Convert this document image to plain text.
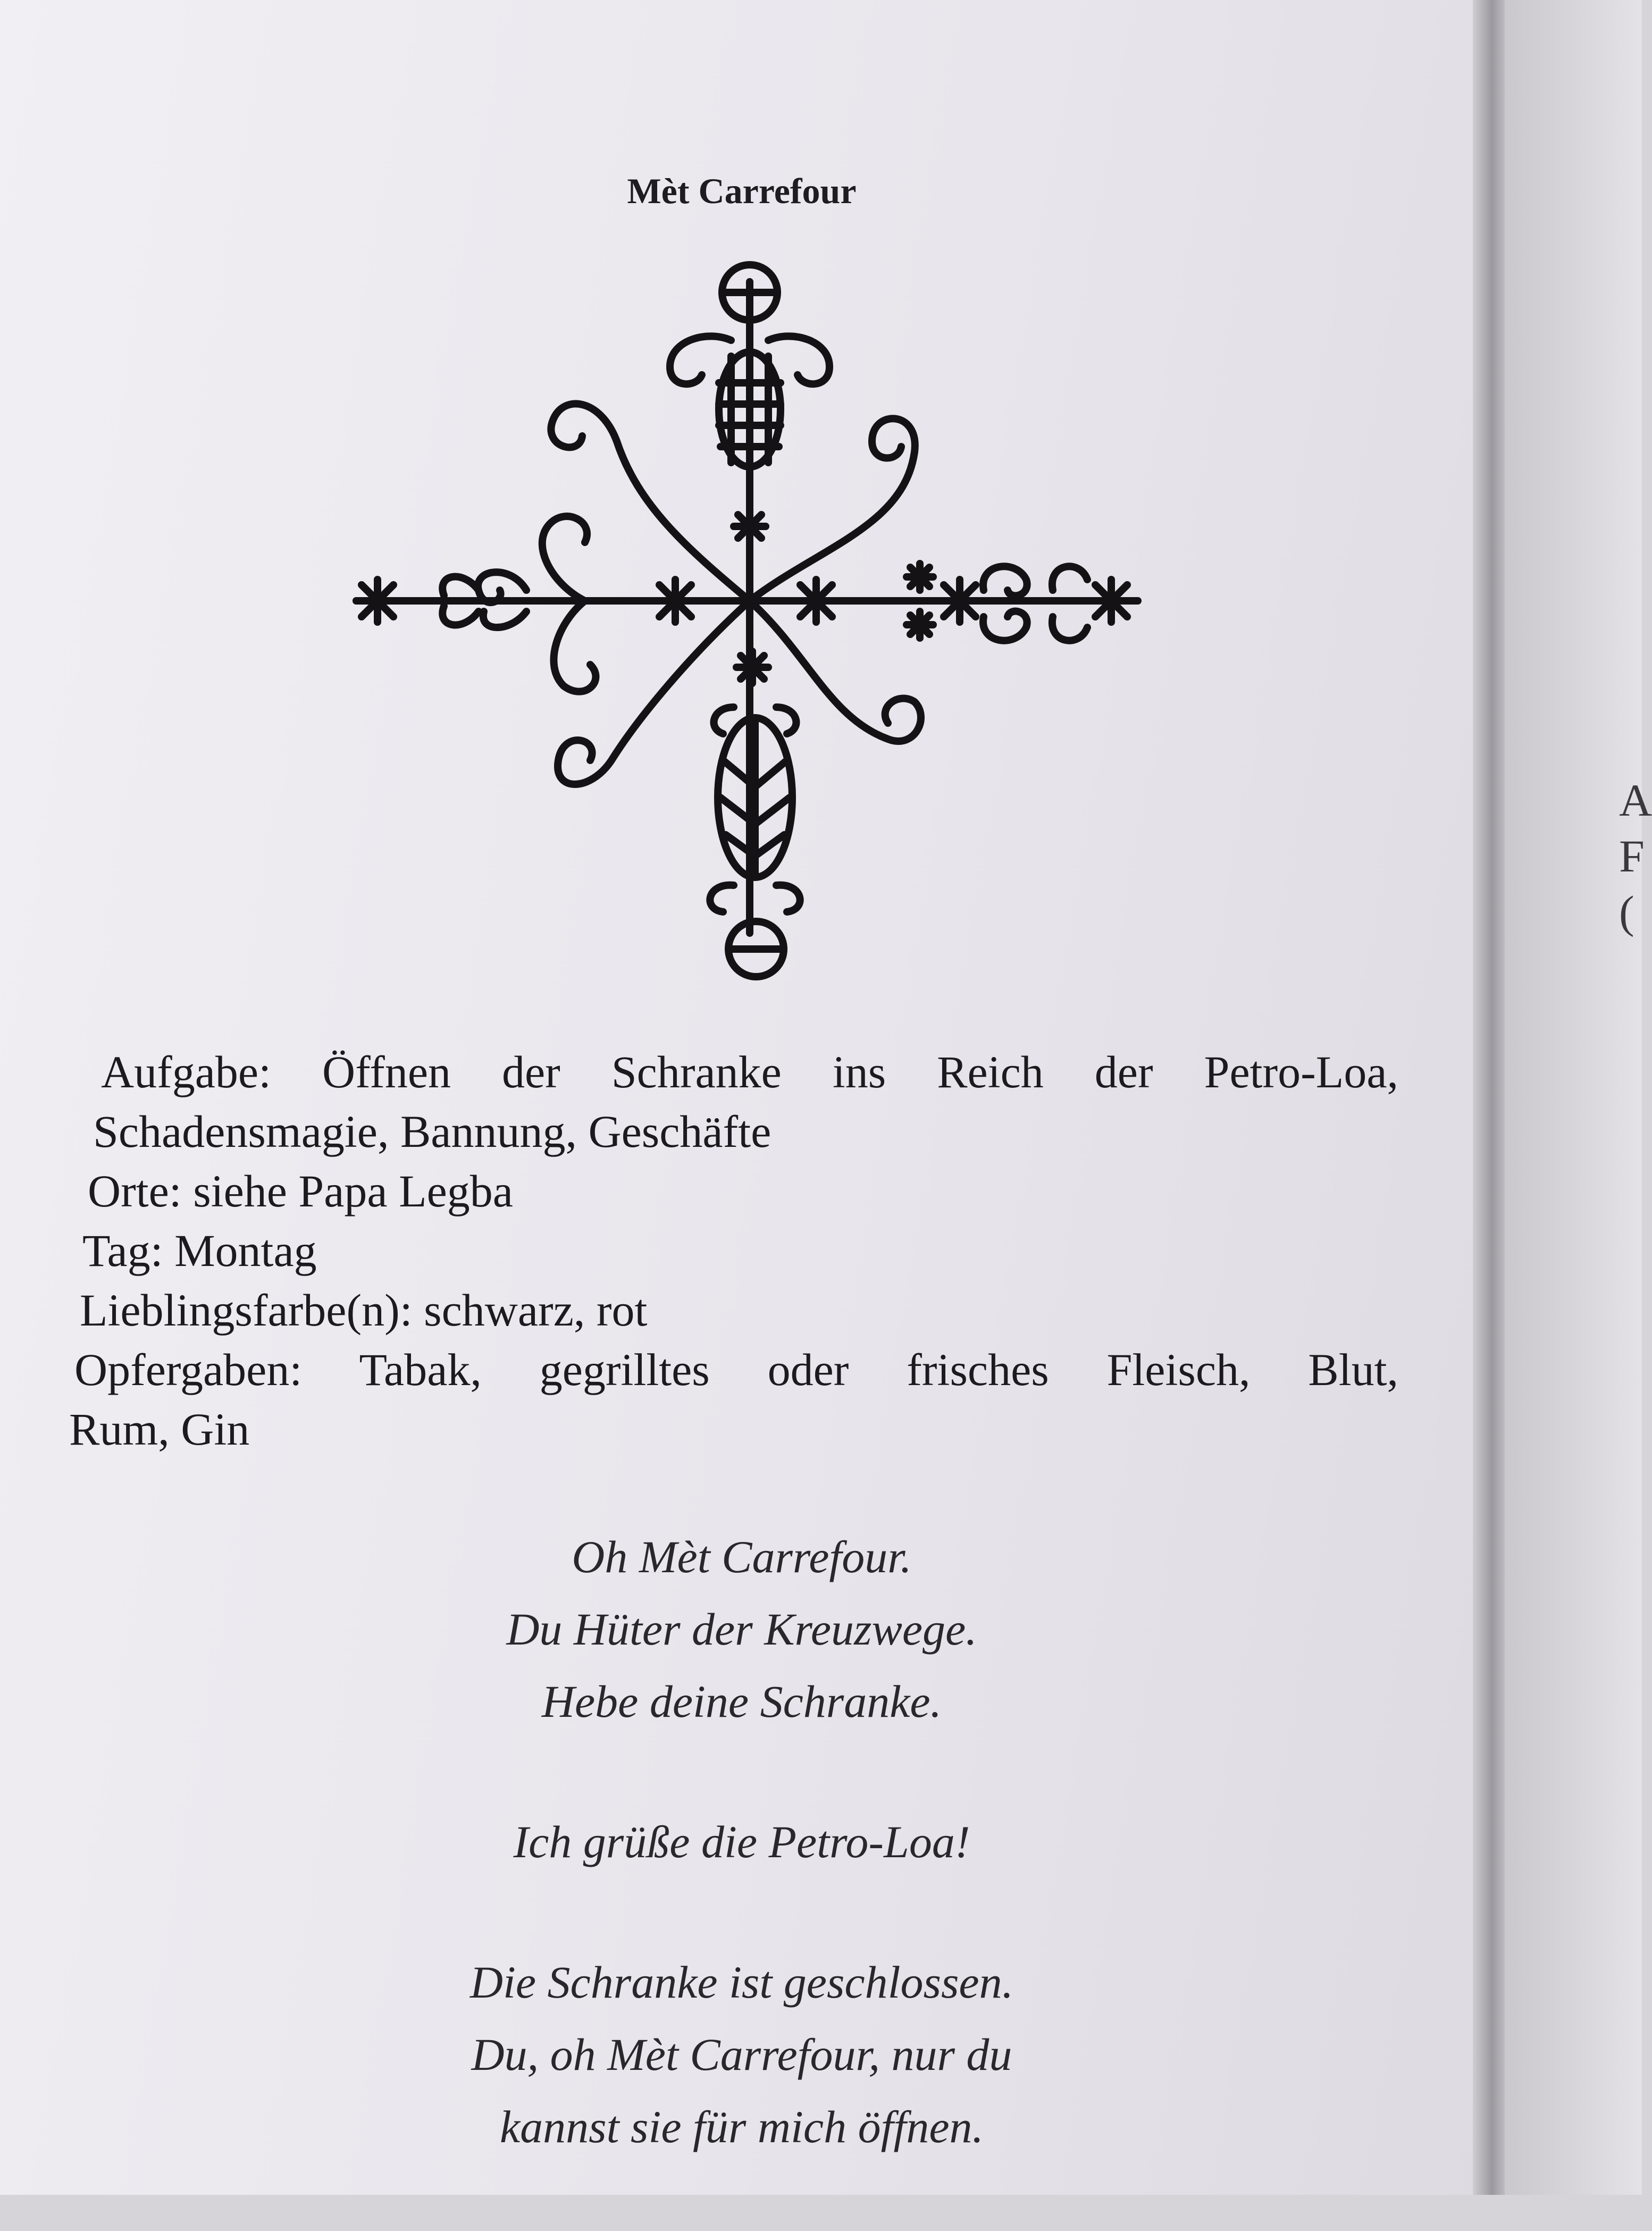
A
F
(
Mèt Carrefour
Aufgabe: Öffnen der Schranke ins Reich der Petro-Loa,
Schadensmagie, Bannung, Geschäfte
Orte: siehe Papa Legba
Tag: Montag
Lieblingsfarbe(n): schwarz, rot
Opfergaben: Tabak, gegrilltes oder frisches Fleisch, Blut,
Rum, Gin
Oh Mèt Carrefour.
Du Hüter der Kreuzwege.
Hebe deine Schranke.
Ich grüße die Petro-Loa!
Die Schranke ist geschlossen.
Du, oh Mèt Carrefour, nur du
kannst sie für mich öffnen.
